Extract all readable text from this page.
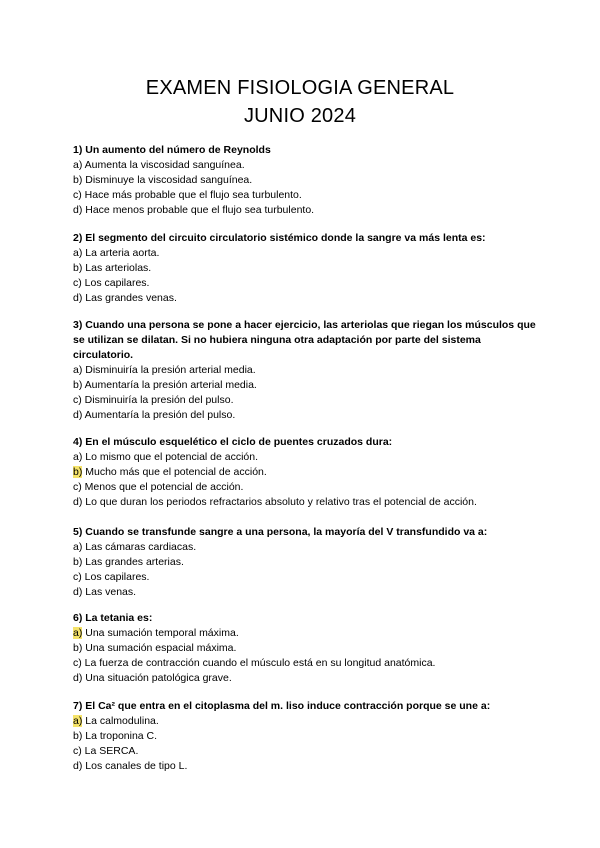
EXAMEN FISIOLOGIA GENERAL
JUNIO 2024

1) Un aumento del número de Reynolds

a) Aumenta la viscosidad sanguínea.

b) Disminuye la viscosidad sanguínea.

c) Hace más probable que el flujo sea turbulento.

d) Hace menos probable que el flujo sea turbulento.

2) El segmento del circuito circulatorio sistémico donde la sangre va más lenta es:

a) La arteria aorta.

b) Las arteriolas.

c) Los capilares.

d) Las grandes venas.

3) Cuando una persona se pone a hacer ejercicio, las arteriolas que riegan los músculos que se utilizan se dilatan. Si no hubiera ninguna otra adaptación por parte del sistema circulatorio.

a) Disminuiría la presión arterial media.

b) Aumentaría la presión arterial media.

c) Disminuiría la presión del pulso.

d) Aumentaría la presión del pulso.

4) En el músculo esquelético el ciclo de puentes cruzados dura:

a) Lo mismo que el potencial de acción.

b) Mucho más que el potencial de acción.

c) Menos que el potencial de acción.

d) Lo que duran los periodos refractarios absoluto y relativo tras el potencial de acción.

5) Cuando se transfunde sangre a una persona, la mayoría del V transfundido va a:

a) Las cámaras cardiacas.

b) Las grandes arterias.

c) Los capilares.

d) Las venas.

6) La tetania es:

a) Una sumación temporal máxima.

b) Una sumación espacial máxima.

c) La fuerza de contracción cuando el músculo está en su longitud anatómica.

d) Una situación patológica grave.

7) El Ca² que entra en el citoplasma del m. liso induce contracción porque se une a:

a) La calmodulina.

b) La troponina C.

c) La SERCA.

d) Los canales de tipo L.
